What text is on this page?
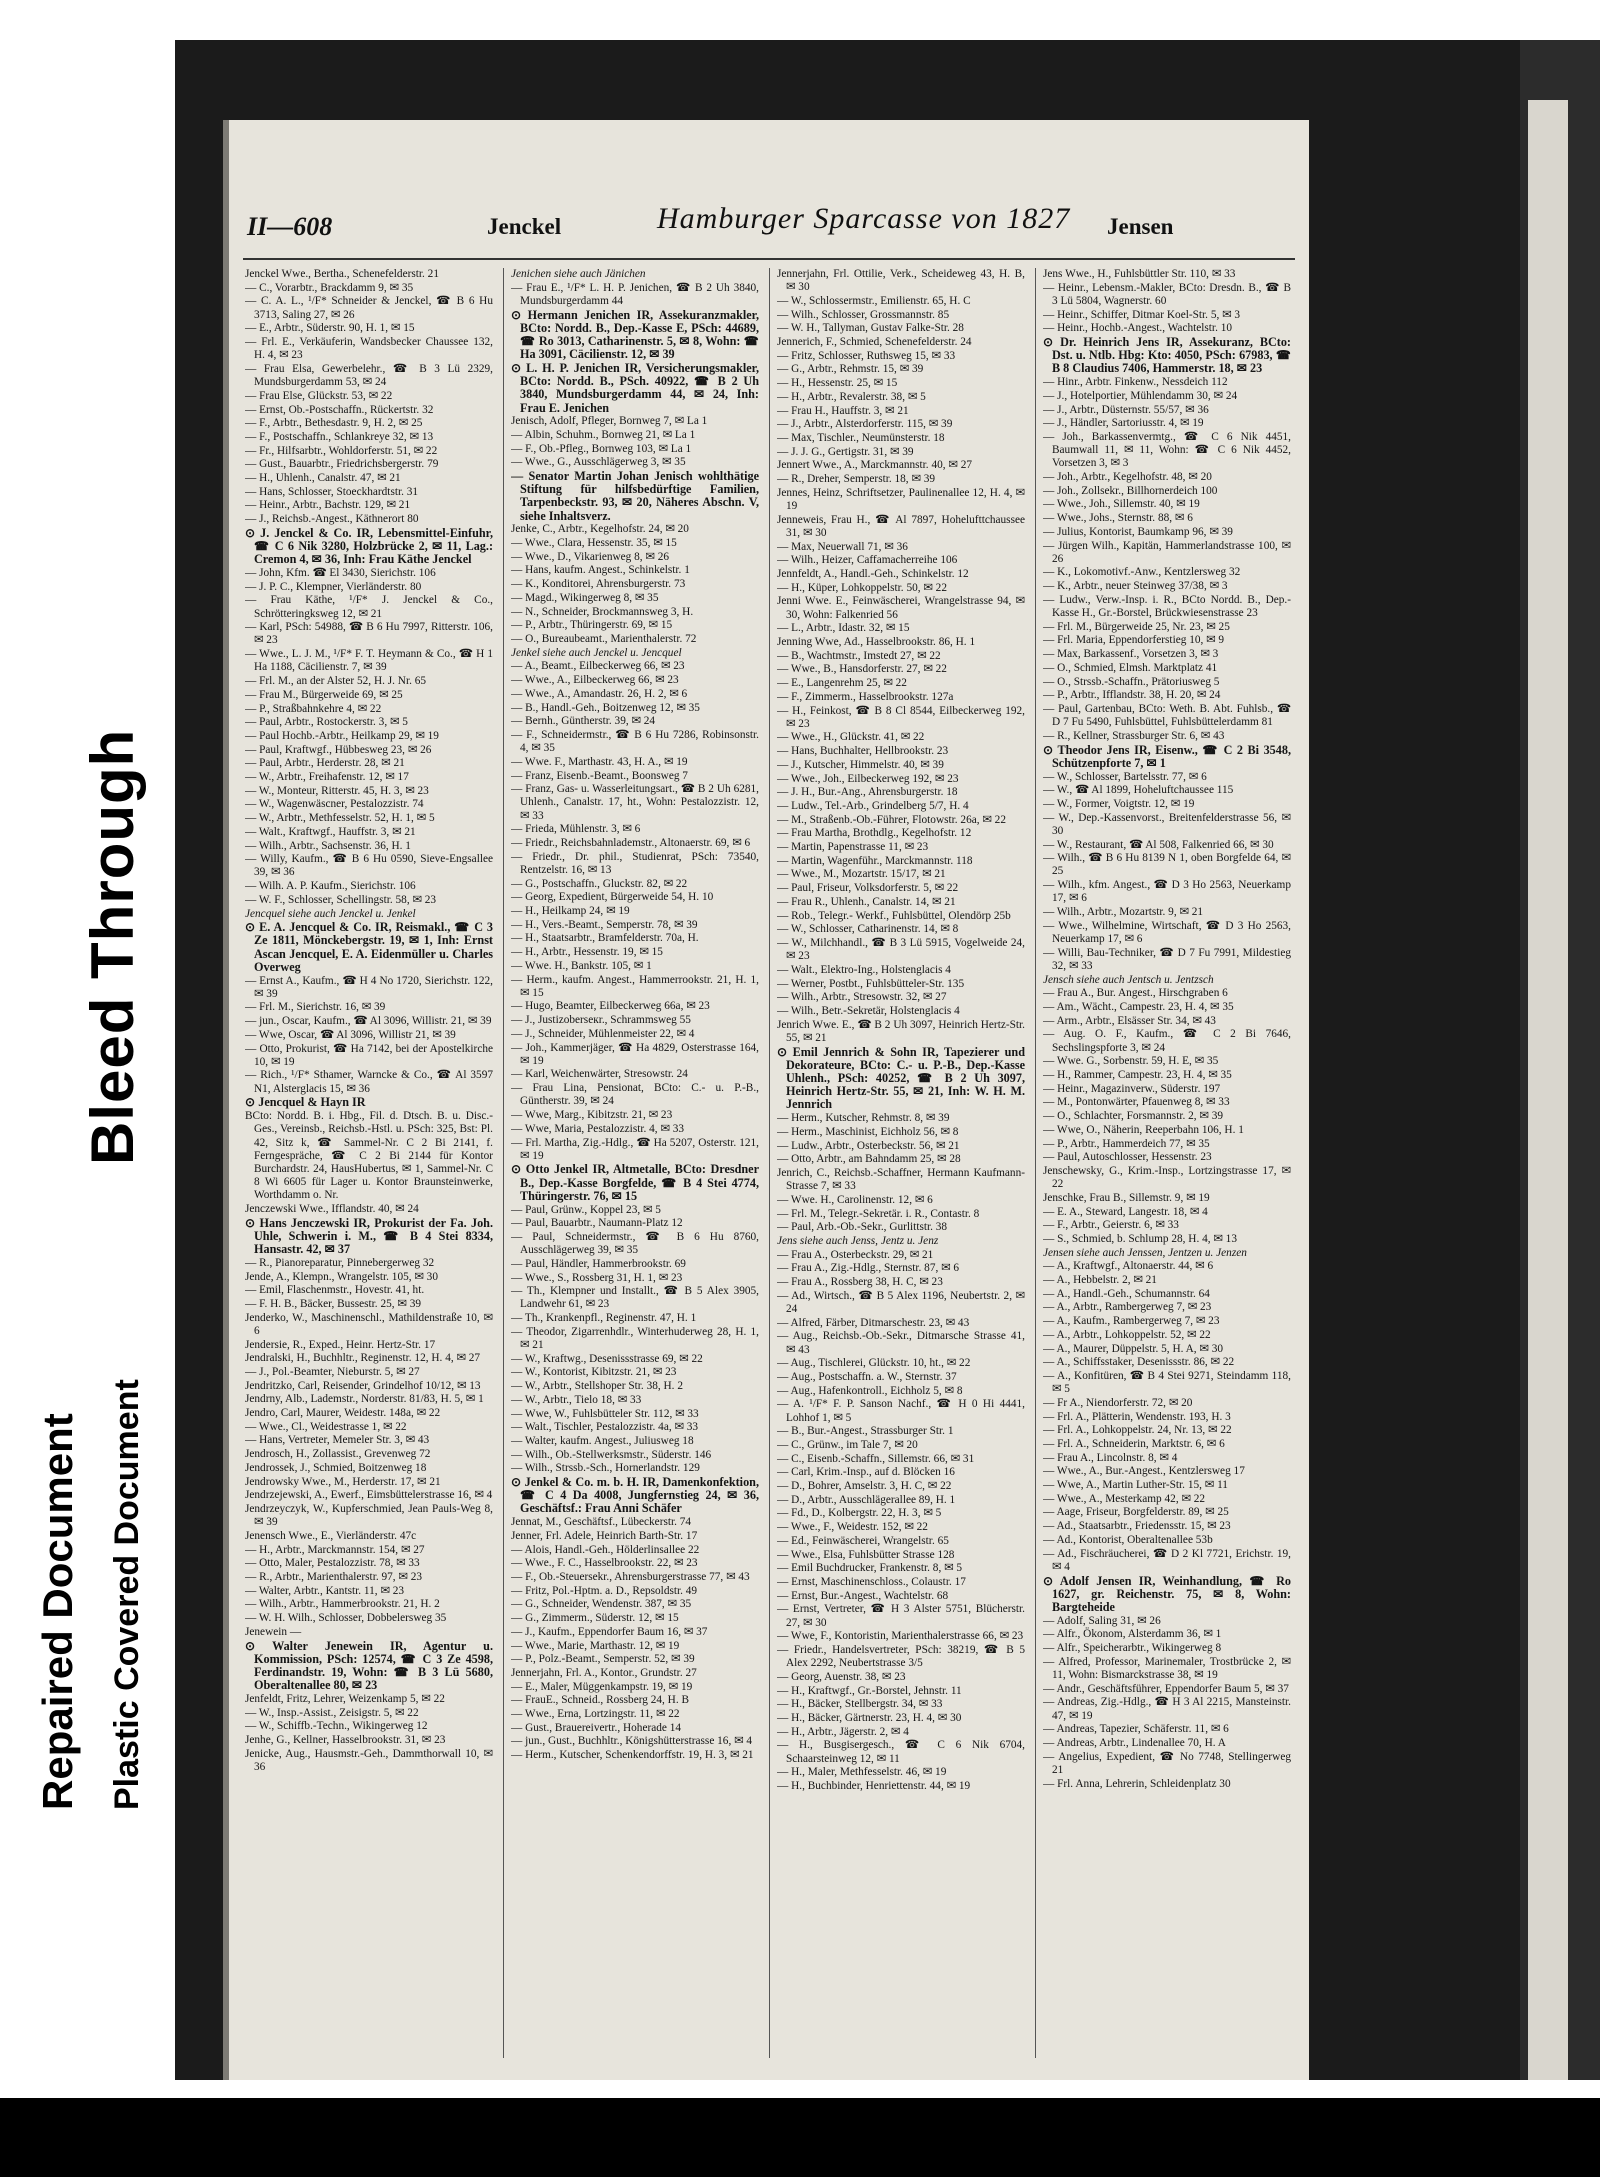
Bleed Through
Repaired Document Plastic Covered Document
II—608	Jenckel	Hamburger Sparcasse von 1827 Jensen
Jenckel Wwe., Bertha., Schenefelderstr. 21
— C., Vorarbtr., Brackdamm 9, ✉ 35
— C. A. L., ¹/F* Schneider & Jenckel, ☎ B 6 Hu 3713, Saling 27, ✉ 26
— E., Arbtr., Süderstr. 90, H. 1, ✉ 15
— Frl. E., Verkäuferin, Wandsbecker Chaussee 132, H. 4, ✉ 23
— Frau Elsa, Gewerbelehr., ☎ B 3 Lü 2329, Mundsburgerdamm 53, ✉ 24
— Frau Else, Glückstr. 53, ✉ 22
— Ernst, Ob.-Postschaffn., Rückertstr. 32
— F., Arbtr., Bethesdastr. 9, H. 2, ✉ 25
— F., Postschaffn., Schlankreye 32, ✉ 13
— Fr., Hilfsarbtr., Wohldorferstr. 51, ✉ 22
— Gust., Bauarbtr., Friedrichsbergerstr. 79
— H., Uhlenh., Canalstr. 47, ✉ 21
— Hans, Schlosser, Stoeckhardtstr. 31
— Heinr., Arbtr., Bachstr. 129, ✉ 21
— J., Reichsb.-Angest., Käthnerort 80
⊙ J. Jenckel & Co. IR, Lebensmittel-Einfuhr, ☎ C 6 Nik 3280, Holzbrücke 2, ✉ 11, Lag.: Cremon 4, ✉ 36, Inh: Frau Käthe Jenckel
— John, Kfm. ☎ El 3430, Sierichstr. 106
— J. P. C., Klempner, Vierländerstr. 80
— Frau Käthe, ¹/F* J. Jenckel & Co., Schrötteringksweg 12, ✉ 21
— Karl, PSch: 54988, ☎ B 6 Hu 7997, Ritterstr. 106, ✉ 23
— Wwe., L. J. M., ¹/F* F. T. Heymann & Co., ☎ H 1 Ha 1188, Cäcilienstr. 7, ✉ 39
— Frl. M., an der Alster 52, H. J. Nr. 65
— Frau M., Bürgerweide 69, ✉ 25
— P., Straßbahnkehre 4, ✉ 22
— Paul, Arbtr., Rostockerstr. 3, ✉ 5
— Paul Hochb.-Arbtr., Heilkamp 29, ✉ 19
— Paul, Kraftwgf., Hübbesweg 23, ✉ 26
— Paul, Arbtr., Herderstr. 28, ✉ 21
— W., Arbtr., Freihafenstr. 12, ✉ 17
— W., Monteur, Ritterstr. 45, H. 3, ✉ 23
— W., Wagenwäscner, Pestalozzistr. 74
— W., Arbtr., Methfesselstr. 52, H. 1, ✉ 5
— Walt., Kraftwgf., Hauffstr. 3, ✉ 21
— Wilh., Arbtr., Sachsenstr. 36, H. 1
— Willy, Kaufm., ☎ B 6 Hu 0590, Sieve-Engsallee 39, ✉ 36
— Wilh. A. P. Kaufm., Sierichstr. 106
— W. F., Schlosser, Schellingstr. 58, ✉ 23
Jencquel siehe auch Jenckel u. Jenkel
⊙ E. A. Jencquel & Co. IR, Reismakl., ☎ C 3 Ze 1811, Mönckebergstr. 19, ✉ 1, Inh: Ernst Ascan Jencquel, E. A. Eidenmüller u. Charles Overweg
— Ernst A., Kaufm., ☎ H 4 No 1720, Sierichstr. 122, ✉ 39
— Frl. M., Sierichstr. 16, ✉ 39
— jun., Oscar, Kaufm., ☎ Al 3096, Willistr. 21, ✉ 39
— Wwe, Oscar, ☎ Al 3096, Willistr 21, ✉ 39
— Otto, Prokurist, ☎ Ha 7142, bei der Apostelkirche 10, ✉ 19
— Rich., ¹/F* Sthamer, Warncke & Co., ☎ Al 3597 N1, Alsterglacis 15, ✉ 36
⊙ Jencquel & Hayn IR
BCto: Nordd. B. i. Hbg., Fil. d. Dtsch. B. u. Disc.-Ges., Vereinsb., Reichsb.-Hstl. u. PSch: 325, Bst: Pl. 42, Sitz k, ☎ Sammel-Nr. C 2 Bi 2141, f. Ferngespräche, ☎ C 2 Bi 2144 für Kontor Burchardstr. 24, HausHubertus, ✉ 1, Sammel-Nr. C 8 Wi 6605 für Lager u. Kontor Braunsteinwerke, Worthdamm o. Nr.
Jenczewski Wwe., Ifflandstr. 40, ✉ 24
⊙ Hans Jenczewski IR, Prokurist der Fa. Joh. Uhle, Schwerin i. M., ☎ B 4 Stei 8334, Hansastr. 42, ✉ 37
— R., Pianoreparatur, Pinnebergerweg 32
Jende, A., Klempn., Wrangelstr. 105, ✉ 30
— Emil, Flaschenmstr., Hovestr. 41, ht.
— F. H. B., Bäcker, Bussestr. 25, ✉ 39
Jenderko, W., Maschinenschl., Mathildenstraße 10, ✉ 6
Jendersie, R., Exped., Heinr. Hertz-Str. 17
Jendralski, H., Buchhltr., Reginenstr. 12, H. 4, ✉ 27
— J., Pol.-Beamter, Nieburstr. 5, ✉ 27
Jendritzko, Carl, Reisender, Grindelhof 10/12, ✉ 13
Jendrny, Alb., Lademstr., Norderstr. 81/83, H. 5, ✉ 1
Jendro, Carl, Maurer, Weidestr. 148a, ✉ 22
— Wwe., Cl., Weidestrasse 1, ✉ 22
— Hans, Vertreter, Memeler Str. 3, ✉ 43
Jendrosch, H., Zollassist., Grevenweg 72
Jendrossek, J., Schmied, Boitzenweg 18
Jendrowsky Wwe., M., Herderstr. 17, ✉ 21
Jendrzejewski, A., Ewerf., Eimsbüttelerstrasse 16, ✉ 4
Jendrzeyczyk, W., Kupferschmied, Jean Pauls-Weg 8, ✉ 39
Jenensch Wwe., E., Vierländerstr. 47c
— H., Arbtr., Marckmannstr. 154, ✉ 27
— Otto, Maler, Pestalozzistr. 78, ✉ 33
— R., Arbtr., Marienthalerstr. 97, ✉ 23
— Walter, Arbtr., Kantstr. 11, ✉ 23
— Wilh., Arbtr., Hammerbrookstr. 21, H. 2
— W. H. Wilh., Schlosser, Dobbelersweg 35
Jenewein —
⊙ Walter Jenewein IR, Agentur u. Kommission, PSch: 12574, ☎ C 3 Ze 4598, Ferdinandstr. 19, Wohn: ☎ B 3 Lü 5680, Oberaltenallee 80, ✉ 23
Jenfeldt, Fritz, Lehrer, Weizenkamp 5, ✉ 22
— W., Insp.-Assist., Zeisigstr. 5, ✉ 22
— W., Schiffb.-Techn., Wikingerweg 12
Jenhe, G., Kellner, Hasselbrookstr. 31, ✉ 23
Jenicke, Aug., Hausmstr.-Geh., Dammthorwall 10, ✉ 36
Jenichen siehe auch Jänichen
— Frau E., ¹/F* L. H. P. Jenichen, ☎ B 2 Uh 3840, Mundsburgerdamm 44
⊙ Hermann Jenichen IR, Assekuranzmakler, BCto: Nordd. B., Dep.-Kasse E, PSch: 44689, ☎ Ro 3013, Catharinenstr. 5, ✉ 8, Wohn: ☎ Ha 3091, Cäcilienstr. 12, ✉ 39
⊙ L. H. P. Jenichen IR, Versicherungsmakler, BCto: Nordd. B., PSch. 40922, ☎ B 2 Uh 3840, Mundsburgerdamm 44, ✉ 24, Inh: Frau E. Jenichen
Jenisch, Adolf, Pfleger, Bornweg 7, ✉ La 1
— Albin, Schuhm., Bornweg 21, ✉ La 1
— F., Ob.-Pfleg., Bornweg 103, ✉ La 1
— Wwe., G., Ausschlägerweg 3, ✉ 35
— Senator Martin Johan Jenisch wohlthätige Stiftung für hilfsbedürftige Familien, Tarpenbeckstr. 93, ✉ 20, Näheres Abschn. V, siehe Inhaltsverz.
Jenke, C., Arbtr., Kegelhofstr. 24, ✉ 20
— Wwe., Clara, Hessenstr. 35, ✉ 15
— Wwe., D., Vikarienweg 8, ✉ 26
— Hans, kaufm. Angest., Schinkelstr. 1
— K., Konditorei, Ahrensburgerstr. 73
— Magd., Wikingerweg 8, ✉ 35
— N., Schneider, Brockmannsweg 3, H.
— P., Arbtr., Thüringerstr. 69, ✉ 15
— O., Bureaubeamt., Marienthalerstr. 72
Jenkel siehe auch Jenckel u. Jencquel
— A., Beamt., Eilbeckerweg 66, ✉ 23
— Wwe., A., Eilbeckerweg 66, ✉ 23
— Wwe., A., Amandastr. 26, H. 2, ✉ 6
— B., Handl.-Geh., Boitzenweg 12, ✉ 35
— Bernh., Güntherstr. 39, ✉ 24
— F., Schneidermstr., ☎ B 6 Hu 7286, Robinsonstr. 4, ✉ 35
— Wwe. F., Marthastr. 43, H. A., ✉ 19
— Franz, Eisenb.-Beamt., Boonsweg 7
— Franz, Gas- u. Wasserleitungsart., ☎ B 2 Uh 6281, Uhlenh., Canalstr. 17, ht., Wohn: Pestalozzistr. 12, ✉ 33
— Frieda, Mühlenstr. 3, ✉ 6
— Friedr., Reichsbahnlademstr., Altonaerstr. 69, ✉ 6
— Friedr., Dr. phil., Studienrat, PSch: 73540, Rentzelstr. 16, ✉ 13
— G., Postschaffn., Gluckstr. 82, ✉ 22
— Georg, Expedient, Bürgerweide 54, H. 10
— H., Heilkamp 24, ✉ 19
— H., Vers.-Beamt., Semperstr. 78, ✉ 39
— H., Staatsarbtr., Bramfelderstr. 70a, H.
— H., Arbtr., Hessenstr. 19, ✉ 15
— Wwe. H., Bankstr. 105, ✉ 1
— Herm., kaufm. Angest., Hammerrookstr. 21, H. 1, ✉ 15
— Hugo, Beamter, Eilbeckerweg 66a, ✉ 23
— J., Justizoberseкr., Schrammsweg 55
— J., Schneider, Mühlenmeister 22, ✉ 4
— Joh., Kammerjäger, ☎ Ha 4829, Osterstrasse 164, ✉ 19
— Karl, Weichenwärter, Stresowstr. 24
— Frau Lina, Pensionat, BCto: C.- u. P.-B., Güntherstr. 39, ✉ 24
— Wwe, Marg., Kibitzstr. 21, ✉ 23
— Wwe, Maria, Pestalozzistr. 4, ✉ 33
— Frl. Martha, Zig.-Hdlg., ☎ Ha 5207, Osterstr. 121, ✉ 19
⊙ Otto Jenkel IR, Altmetalle, BCto: Dresdner B., Dep.-Kasse Borgfelde, ☎ B 4 Stei 4774, Thüringerstr. 76, ✉ 15
— Paul, Grünw., Koppel 23, ✉ 5
— Paul, Bauarbtr., Naumann-Platz 12
— Paul, Schneidermstr., ☎ B 6 Hu 8760, Ausschlägerweg 39, ✉ 35
— Paul, Händler, Hammerbrookstr. 69
— Wwe., S., Rossberg 31, H. 1, ✉ 23
— Th., Klempner und Installt., ☎ B 5 Alex 3905, Landwehr 61, ✉ 23
— Th., Krankenpfl., Reginenstr. 47, H. 1
— Theodor, Zigarrenhdlr., Winterhuderweg 28, H. 1, ✉ 21
— W., Kraftwg., Desenissstrasse 69, ✉ 22
— W., Kontorist, Kibitzstr. 21, ✉ 23
— W., Arbtr., Stellshoper Str. 38, H. 2
— W., Arbtr., Tielo 18, ✉ 33
— Wwe, W., Fuhlsbütteler Str. 112, ✉ 33
— Walt., Tischler, Pestalozzistr. 4a, ✉ 33
— Walter, kaufm. Angest., Juliusweg 18
— Wilh., Ob.-Stellwerksmstr., Süderstr. 146
— Wilh., Strssb.-Sch., Hornerlandstr. 129
⊙ Jenkel & Co. m. b. H. IR, Damenkonfektion, ☎ C 4 Dа 4008, Jungfernstieg 24, ✉ 36, Geschäftsf.: Frau Anni Schäfer
Jennat, M., Geschäftsf., Lübeckerstr. 74
Jenner, Frl. Adele, Heinrich Barth-Str. 17
— Alois, Handl.-Geh., Hölderlinsallee 22
— Wwe., F. C., Hasselbrookstr. 22, ✉ 23
— F., Ob.-Steuersekr., Ahrensburgerstrasse 77, ✉ 43
— Fritz, Pol.-Hptm. a. D., Repsoldstr. 49
— G., Schneider, Wendenstr. 387, ✉ 35
— G., Zimmerm., Süderstr. 12, ✉ 15
— J., Kaufm., Eppendorfer Baum 16, ✉ 37
— Wwe., Marie, Marthastr. 12, ✉ 19
— P., Polz.-Beamt., Semperstr. 52, ✉ 39
Jennerjahn, Frl. A., Kontor., Grundstr. 27
— E., Maler, Müggenkampstr. 19, ✉ 19
— FrauE., Schneid., Rossberg 24, H. B
— Wwe., Erna, Lortzingstr. 11, ✉ 22
— Gust., Brauereivertr., Hoherade 14
— jun., Gust., Buchhltr., Königshütterstrasse 16, ✉ 4
— Herm., Kutscher, Schenkendorffstr. 19, H. 3, ✉ 21
Jennerjahn, Frl. Ottilie, Verk., Scheideweg 43, H. B, ✉ 30
— W., Schlossermstr., Emilienstr. 65, H. C
— Wilh., Schlosser, Grossmannstr. 85
— W. H., Tallyman, Gustav Falke-Str. 28
Jennerich, F., Schmied, Schenefelderstr. 24
— Fritz, Schlosser, Ruthsweg 15, ✉ 33
— G., Arbtr., Rehmstr. 15, ✉ 39
— H., Hessenstr. 25, ✉ 15
— H., Arbtr., Revalerstr. 38, ✉ 5
— Frau H., Hauffstr. 3, ✉ 21
— J., Arbtr., Alsterdorferstr. 115, ✉ 39
— Max, Tischler., Neumünsterstr. 18
— J. J. G., Gertigstr. 31, ✉ 39
Jennert Wwe., A., Marckmannstr. 40, ✉ 27
— R., Dreher, Semperstr. 18, ✉ 39
Jennes, Heinz, Schriftsetzer, Paulinenallee 12, H. 4, ✉ 19
Jenneweis, Frau H., ☎ Al 7897, Hohelufttchaussee 31, ✉ 30
— Max, Neuerwall 71, ✉ 36
— Wilh., Heizer, Caffamacherreihe 106
Jennfeldt, A., Handl.-Geh., Schinkelstr. 12
— H., Küper, Lohkoppelstr. 50, ✉ 22
Jenni Wwe. E., Feinwäscherei, Wrangelstrasse 94, ✉ 30, Wohn: Falkenried 56
— L., Arbtr., Idastr. 32, ✉ 15
Jenning Wwe, Ad., Hasselbrookstr. 86, H. 1
— B., Wachtmstr., Imstedt 27, ✉ 22
— Wwe., B., Hansdorferstr. 27, ✉ 22
— E., Langenrehm 25, ✉ 22
— F., Zimmerm., Hasselbrookstr. 127a
— H., Feinkost, ☎ B 8 Cl 8544, Eilbeckerweg 192, ✉ 23
— Wwe., H., Glückstr. 41, ✉ 22
— Hans, Buchhalter, Hellbrookstr. 23
— J., Kutscher, Himmelstr. 40, ✉ 39
— Wwe., Joh., Eilbeckerweg 192, ✉ 23
— J. H., Bur.-Ang., Ahrensburgerstr. 18
— Ludw., Tel.-Arb., Grindelberg 5/7, H. 4
— M., Straßenb.-Ob.-Führer, Flotowstr. 26a, ✉ 22
— Frau Martha, Brothdlg., Kegelhofstr. 12
— Martin, Papenstrasse 11, ✉ 23
— Martin, Wagenführ., Marckmannstr. 118
— Wwe., M., Mozartstr. 15/17, ✉ 21
— Paul, Friseur, Volksdorferstr. 5, ✉ 22
— Frau R., Uhlenh., Canalstr. 14, ✉ 21
— Rob., Telegr.- Werkf., Fuhlsbüttel, Olendörp 25b
— W., Schlosser, Catharinenstr. 14, ✉ 8
— W., Milchhandl., ☎ B 3 Lü 5915, Vogelweide 24, ✉ 23
— Walt., Elektro-Ing., Holstenglacis 4
— Werner, Postbt., Fuhlsbütteler-Str. 135
— Wilh., Arbtr., Stresowstr. 32, ✉ 27
— Wilh., Betr.-Sekretär, Holstenglacis 4
Jenrich Wwe. E., ☎ B 2 Uh 3097, Heinrich Hertz-Str. 55, ✉ 21
⊙ Emil Jennrich & Sohn IR, Tapezierer und Dekorateure, BCto: C.- u. P.-B., Dep.-Kasse Uhlenh., PSch: 40252, ☎ B 2 Uh 3097, Heinrich Hertz-Str. 55, ✉ 21, Inh: W. H. M. Jennrich
— Herm., Kutscher, Rehmstr. 8, ✉ 39
— Herm., Maschinist, Eichholz 56, ✉ 8
— Ludw., Arbtr., Osterbeckstr. 56, ✉ 21
— Otto, Arbtr., am Bahndamm 25, ✉ 28
Jenrich, C., Reichsb.-Schaffner, Hermann Kaufmann-Strasse 7, ✉ 33
— Wwe. H., Carolinenstr. 12, ✉ 6
— Frl. M., Telegr.-Sekretär. i. R., Contastr. 8
— Paul, Arb.-Ob.-Sekr., Gurlittstr. 38
Jens siehe auch Jenss, Jentz u. Jenz
— Frau A., Osterbeckstr. 29, ✉ 21
— Frau A., Zig.-Hdlg., Sternstr. 87, ✉ 6
— Frau A., Rossberg 38, H. C, ✉ 23
— Ad., Wirtsch., ☎ B 5 Alex 1196, Neubertstr. 2, ✉ 24
— Alfred, Färber, Ditmarschestr. 23, ✉ 43
— Aug., Reichsb.-Ob.-Sekr., Ditmarsche Strasse 41, ✉ 43
— Aug., Tischlerei, Glückstr. 10, ht., ✉ 22
— Aug., Postschaffn. a. W., Sternstr. 37
— Aug., Hafenkontroll., Eichholz 5, ✉ 8
— A. ¹/F* F. P. Sanson Nachf., ☎ H 0 Hi 4441, Lohhof 1, ✉ 5
— B., Bur.-Angest., Strassburger Str. 1
— C., Grünw., im Tale 7, ✉ 20
— C., Eisenb.-Schaffn., Sillemstr. 66, ✉ 31
— Carl, Krim.-Insp., auf d. Blöcken 16
— D., Bohrer, Amselstr. 3, H. C, ✉ 22
— D., Arbtr., Ausschlägerallee 89, H. 1
— Fd., D., Kolbergstr. 22, H. 3, ✉ 5
— Wwe., F., Weidestr. 152, ✉ 22
— Ed., Feinwäscherei, Wrangelstr. 65
— Wwe., Elsa, Fuhlsbütter Strasse 128
— Emil Buchdrucker, Frankenstr. 8, ✉ 5
— Ernst, Maschinenschloss., Colaustr. 17
— Ernst, Bur.-Angest., Wachtelstr. 68
— Ernst, Vertreter, ☎ H 3 Alster 5751, Blücherstr. 27, ✉ 30
— Wwe, F., Kontoristin, Marienthalerstrasse 66, ✉ 23
— Friedr., Handelsvertreter, PSch: 38219, ☎ B 5 Alex 2292, Neubertstrasse 3/5
— Georg, Auenstr. 38, ✉ 23
— H., Kraftwgf., Gr.-Borstel, Jehnstr. 11
— H., Bäcker, Stellbergstr. 34, ✉ 33
— H., Bäcker, Gärtnerstr. 23, H. 4, ✉ 30
— H., Arbtr., Jägerstr. 2, ✉ 4
— H., Busgisergesch., ☎ C 6 Nik 6704, Schaarsteinweg 12, ✉ 11
— H., Maler, Methfesselstr. 46, ✉ 19
— H., Buchbinder, Henriettenstr. 44, ✉ 19
Jens Wwe., H., Fuhlsbüttler Str. 110, ✉ 33
— Heinr., Lebensm.-Makler, BCto: Dresdn. B., ☎ B 3 Lü 5804, Wagnerstr. 60
— Heinr., Schiffer, Ditmar Koel-Str. 5, ✉ 3
— Heinr., Hochb.-Angest., Wachtelstr. 10
⊙ Dr. Heinrich Jens IR, Assekuranz, BCto: Dst. u. Ntlb. Hbg: Kto: 4050, PSch: 67983, ☎ B 8 Claudius 7406, Hammerstr. 18, ✉ 23
— Hinr., Arbtr. Finkenw., Nessdeich 112
— J., Hotelportier, Mühlendamm 30, ✉ 24
— J., Arbtr., Düsternstr. 55/57, ✉ 36
— J., Händler, Sartoriusstr. 4, ✉ 19
— Joh., Barkassenvermtg., ☎ C 6 Nik 4451, Baumwall 11, ✉ 11, Wohn: ☎ C 6 Nik 4452, Vorsetzen 3, ✉ 3
— Joh., Arbtr., Kegelhofstr. 48, ✉ 20
— Joh., Zollsekr., Billhornerdeich 100
— Wwe., Joh., Sillemstr. 40, ✉ 19
— Wwe., Johs., Sternstr. 88, ✉ 6
— Julius, Kontorist, Baumkamp 96, ✉ 39
— Jürgen Wilh., Kapitän, Hammerlandstrasse 100, ✉ 26
— K., Lokomotivf.-Anw., Kentzlersweg 32
— K., Arbtr., neuer Steinweg 37/38, ✉ 3
— Ludw., Verw.-Insp. i. R., BCto Nordd. B., Dep.-Kasse H., Gr.-Borstel, Brückwiesenstrasse 23
— Frl. M., Bürgerweide 25, Nr. 23, ✉ 25
— Frl. Maria, Eppendorferstieg 10, ✉ 9
— Max, Barkassenf., Vorsetzen 3, ✉ 3
— O., Schmied, Elmsh. Marktplatz 41
— O., Strssb.-Schaffn., Prätoriusweg 5
— P., Arbtr., Ifflandstr. 38, H. 20, ✉ 24
— Paul, Gartenbau, BCto: Weth. B. Abt. Fuhlsb., ☎ D 7 Fu 5490, Fuhlsbüttel, Fuhlsbüttelerdamm 81
— R., Kellner, Strassburger Str. 6, ✉ 43
⊙ Theodor Jens IR, Eisenw., ☎ C 2 Bi 3548, Schützenpforte 7, ✉ 1
— W., Schlosser, Bartelsstr. 77, ✉ 6
— W., ☎ Al 1899, Hoheluftchaussee 115
— W., Former, Voigtstr. 12, ✉ 19
— W., Dep.-Kassenvorst., Breitenfelderstrasse 56, ✉ 30
— W., Restaurant, ☎ Al 508, Falkenried 66, ✉ 30
— Wilh., ☎ B 6 Hu 8139 N 1, oben Borgfelde 64, ✉ 25
— Wilh., kfm. Angest., ☎ D 3 Ho 2563, Neuerkamp 17, ✉ 6
— Wilh., Arbtr., Mozartstr. 9, ✉ 21
— Wwe., Wilhelmine, Wirtschaft, ☎ D 3 Ho 2563, Neuerkamp 17, ✉ 6
— Willi, Bau-Techniker, ☎ D 7 Fu 7991, Mildestieg 32, ✉ 33
Jensch siehe auch Jentsch u. Jentzsch
— Frau A., Bur. Angest., Hirschgraben 6
— Am., Wächt., Campestr. 23, H. 4, ✉ 35
— Arm., Arbtr., Elsässer Str. 34, ✉ 43
— Aug. O. F., Kaufm., ☎ C 2 Bi 7646, Sechslingspforte 3, ✉ 24
— Wwe. G., Sorbenstr. 59, H. E, ✉ 35
— H., Rammer, Campestr. 23, H. 4, ✉ 35
— Heinr., Magazinverw., Süderstr. 197
— M., Pontonwärter, Pfauenweg 8, ✉ 33
— O., Schlachter, Forsmannstr. 2, ✉ 39
— Wwe, O., Näherin, Reeperbahn 106, H. 1
— P., Arbtr., Hammerdeich 77, ✉ 35
— Paul, Autoschlosser, Hessenstr. 23
Jenschewsky, G., Krim.-Insp., Lortzingstrasse 17, ✉ 22
Jenschke, Frau B., Sillemstr. 9, ✉ 19
— E. A., Steward, Langestr. 18, ✉ 4
— F., Arbtr., Geierstr. 6, ✉ 33
— S., Schmied, b. Schlump 28, H. 4, ✉ 13
Jensen siehe auch Jenssen, Jentzen u. Jenzen
— A., Kraftwgf., Altonaerstr. 44, ✉ 6
— A., Hebbelstr. 2, ✉ 21
— A., Handl.-Geh., Schumannstr. 64
— A., Arbtr., Rambergerweg 7, ✉ 23
— A., Kaufm., Rambergerweg 7, ✉ 23
— A., Arbtr., Lohkoppelstr. 52, ✉ 22
— A., Maurer, Düppelstr. 5, H. A, ✉ 30
— A., Schiffsstaker, Desenissstr. 86, ✉ 22
— A., Konfitüren, ☎ B 4 Stei 9271, Steindamm 118, ✉ 5
— Fr A., Niendorferstr. 72, ✉ 20
— Frl. A., Plätterin, Wendenstr. 193, H. 3
— Frl. A., Lohkoppelstr. 24, Nr. 13, ✉ 22
— Frl. A., Schneiderin, Marktstr. 6, ✉ 6
— Frau A., Lincolnstr. 8, ✉ 4
— Wwe., A., Bur.-Angest., Kentzlersweg 17
— Wwe, A., Martin Luther-Str. 15, ✉ 11
— Wwe., A., Mesterkamp 42, ✉ 22
— Aage, Friseur, Borgfelderstr. 89, ✉ 25
— Ad., Staatsarbtr., Friedensstr. 15, ✉ 23
— Ad., Kontorist, Oberaltenallee 53b
— Ad., Fischräucherei, ☎ D 2 Kl 7721, Erichstr. 19, ✉ 4
⊙ Adolf Jensen IR, Weinhandlung, ☎ Ro 1627, gr. Reichenstr. 75, ✉ 8, Wohn: Bargteheide
— Adolf, Saling 31, ✉ 26
— Alfr., Ökonom, Alsterdamm 36, ✉ 1
— Alfr., Speicherarbtr., Wikingerweg 8
— Alfred, Professor, Marinemaler, Trostbrücke 2, ✉ 11, Wohn: Bismarckstrasse 38, ✉ 19
— Andr., Geschäftsführer, Eppendorfer Baum 5, ✉ 37
— Andreas, Zig.-Hdlg., ☎ H 3 Al 2215, Mansteinstr. 47, ✉ 19
— Andreas, Tapezier, Schäferstr. 11, ✉ 6
— Andreas, Arbtr., Lindenallee 70, H. A
— Angelius, Expedient, ☎ No 7748, Stellingerweg 21
— Frl. Anna, Lehrerin, Schleidenplatz 30
